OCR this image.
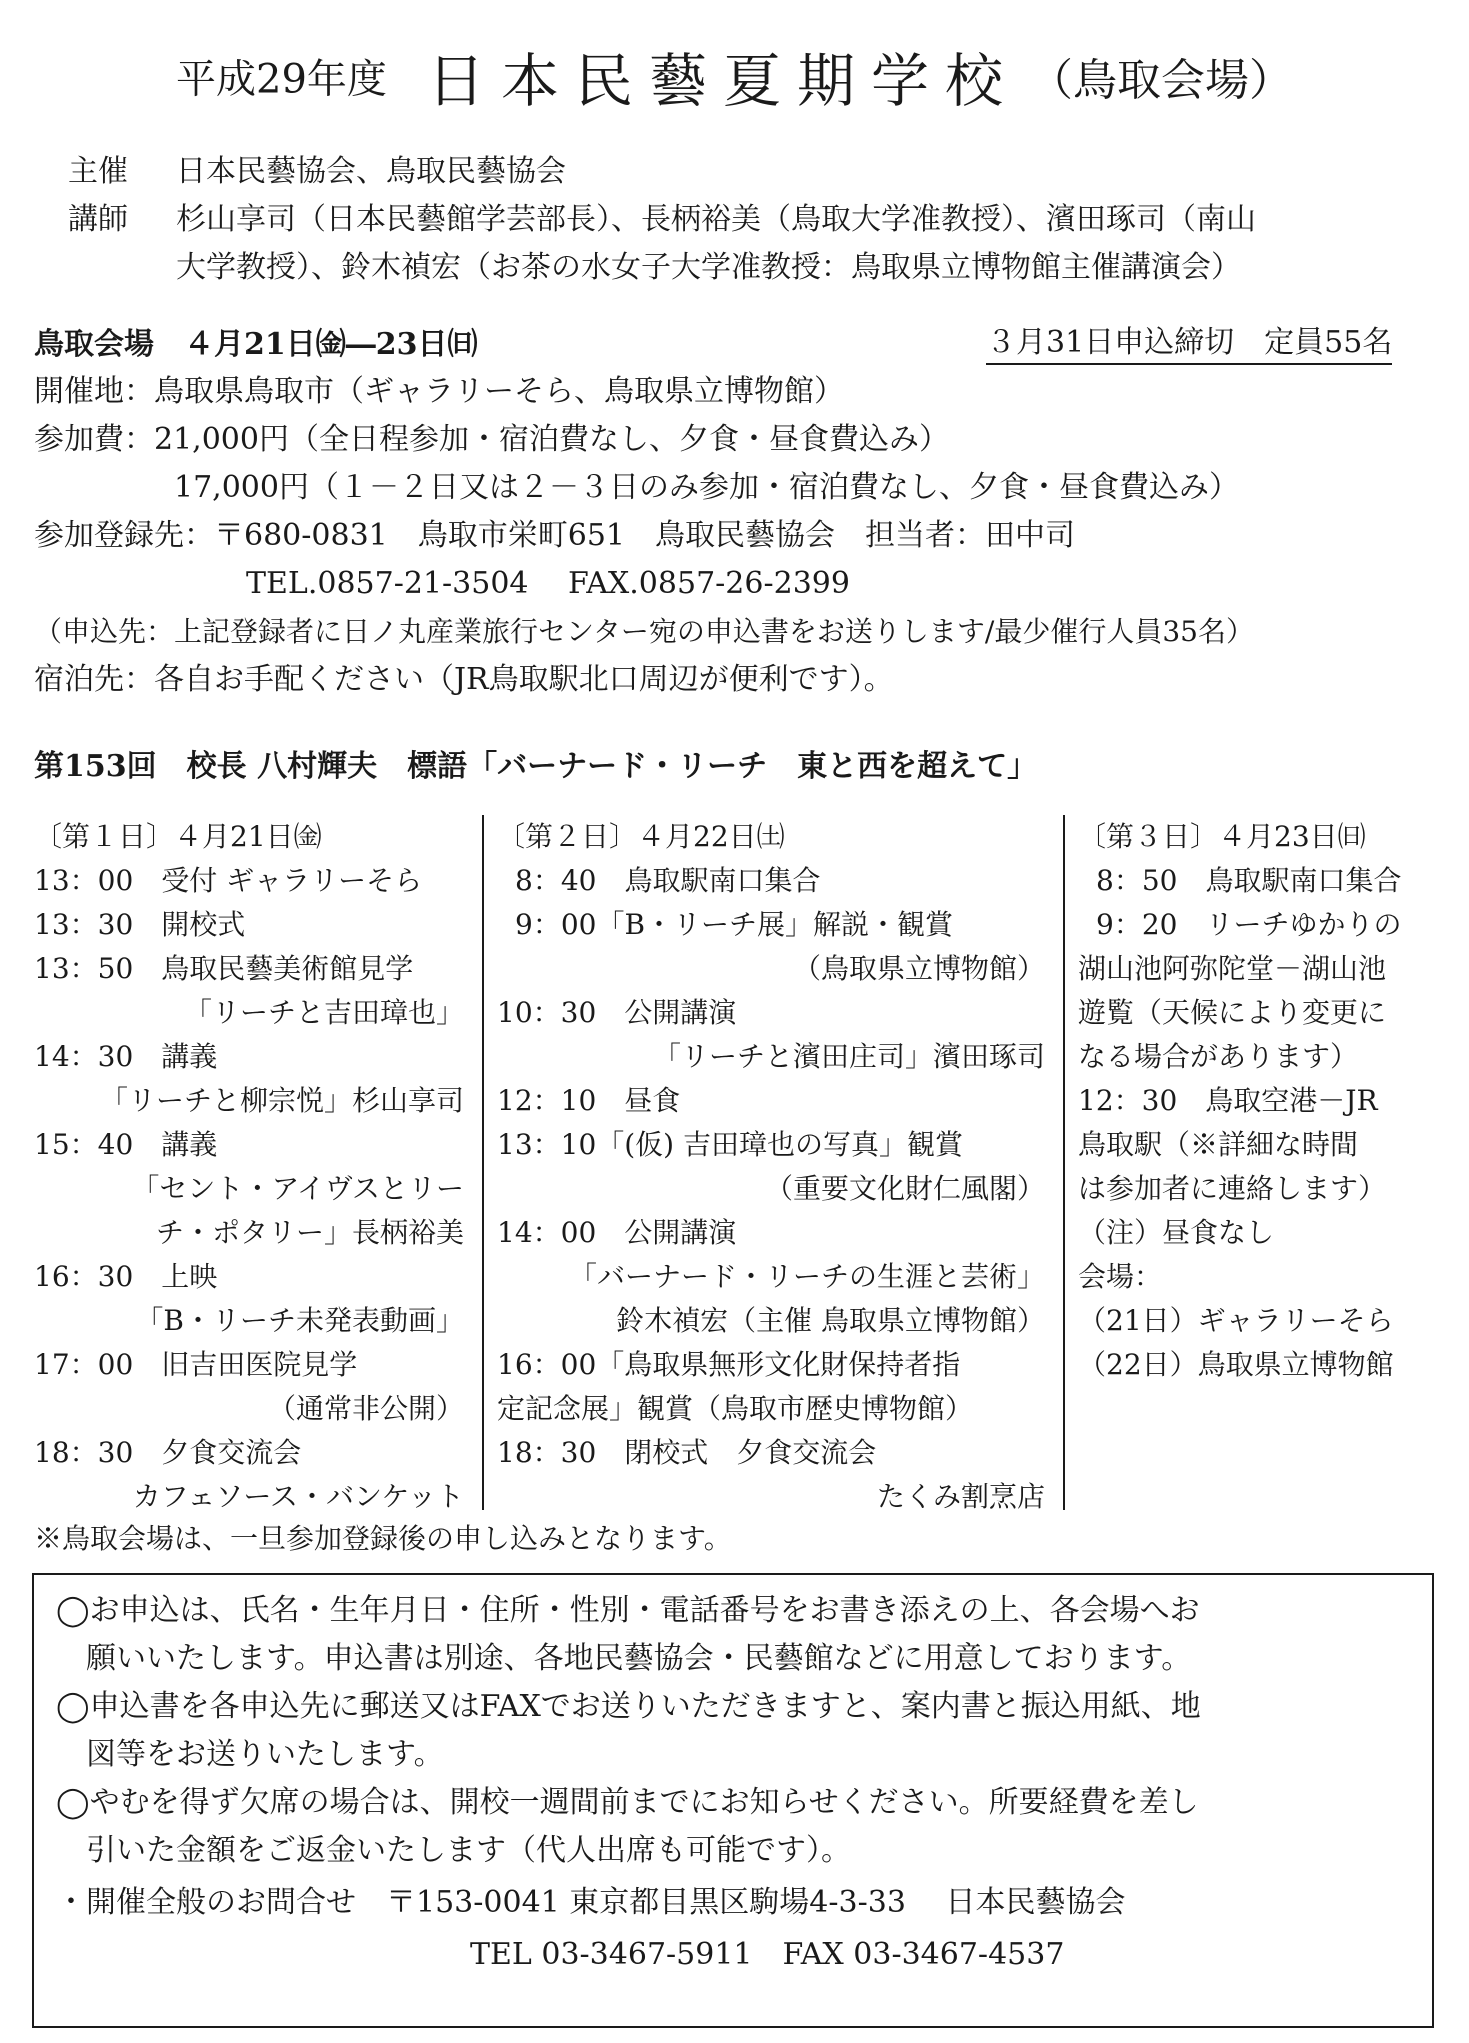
平成29年度 日本民藝夏期学校 （鳥取会場）
主催 日本民藝協会、鳥取民藝協会
講師 杉山享司（日本民藝館学芸部長）、長柄裕美（鳥取大学准教授）、濱田琢司（南山
大学教授）、鈴木禎宏（お茶の水女子大学准教授：鳥取県立博物館主催講演会）
鳥取会場　４月21日㈮―23日㈰	３月31日申込締切　定員55名
開催地：鳥取県鳥取市（ギャラリーそら、鳥取県立博物館）
参加費：21,000円（全日程参加・宿泊費なし、夕食・昼食費込み）
17,000円（１－２日又は２－３日のみ参加・宿泊費なし、夕食・昼食費込み）
参加登録先：〒680-0831　鳥取市栄町651　鳥取民藝協会　担当者：田中司
TEL.0857-21-3504　 FAX.0857-26-2399
（申込先：上記登録者に日ノ丸産業旅行センター宛の申込書をお送りします/最少催行人員35名）
宿泊先：各自お手配ください（JR鳥取駅北口周辺が便利です）。
第153回　校長 八村輝夫　標語「バーナード・リーチ　東と西を超えて」
〔第１日〕４月21日㈮
13：00　受付 ギャラリーそら
13：30　開校式
13：50　鳥取民藝美術館見学
「リーチと吉田璋也」
14：30　講義
「リーチと柳宗悦」杉山享司
15：40　講義
「セント・アイヴスとリー
チ・ポタリー」長柄裕美
16：30　上映
「B・リーチ未発表動画」
17：00　旧吉田医院見学
（通常非公開）
18：30　夕食交流会
カフェソース・バンケット
〔第２日〕４月22日㈯
8：40　鳥取駅南口集合
9：00「B・リーチ展」解説・観賞
（鳥取県立博物館）
10：30　公開講演
「リーチと濱田庄司」濱田琢司
12：10　昼食
13：10「(仮) 吉田璋也の写真」観賞
（重要文化財仁風閣）
14：00　公開講演
「バーナード・リーチの生涯と芸術」
鈴木禎宏（主催 鳥取県立博物館）
16：00「鳥取県無形文化財保持者指
定記念展」観賞（鳥取市歴史博物館）
18：30　閉校式　夕食交流会
たくみ割烹店
〔第３日〕４月23日㈰
8：50　鳥取駅南口集合
9：20　リーチゆかりの
湖山池阿弥陀堂－湖山池
遊覧（天候により変更に
なる場合があります）
12：30　鳥取空港－JR
鳥取駅（※詳細な時間
は参加者に連絡します）
（注）昼食なし
会場：
（21日）ギャラリーそら
（22日）鳥取県立博物館
※鳥取会場は、一旦参加登録後の申し込みとなります。
◯お申込は、氏名・生年月日・住所・性別・電話番号をお書き添えの上、各会場へお
願いいたします。申込書は別途、各地民藝協会・民藝館などに用意しております。
◯申込書を各申込先に郵送又はFAXでお送りいただきますと、案内書と振込用紙、地
図等をお送りいたします。
◯やむを得ず欠席の場合は、開校一週間前までにお知らせください。所要経費を差し
引いた金額をご返金いたします（代人出席も可能です）。
・開催全般のお問合せ　〒153-0041 東京都目黒区駒場4-3-33　 日本民藝協会
TEL 03-3467-5911　FAX 03-3467-4537
